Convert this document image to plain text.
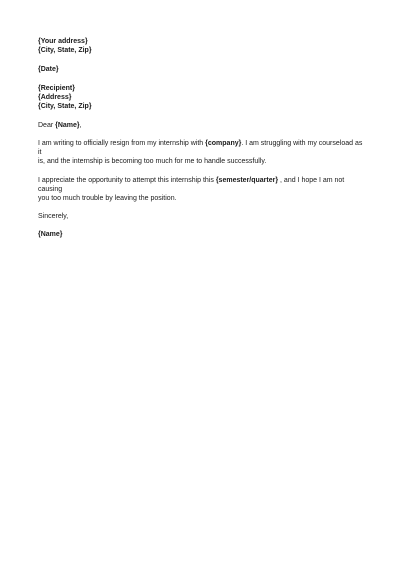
{Your address}

{City, State, Zip}

{Date}

{Recipient}

{Address}

{City, State, Zip}

Dear {Name},

I am writing to officially resign from my internship with {company}. I am struggling with my courseload as it

is, and the internship is becoming too much for me to handle successfully.

I appreciate the opportunity to attempt this internship this {semester/quarter} , and I hope I am not causing

you too much trouble by leaving the position.

Sincerely,

{Name}
